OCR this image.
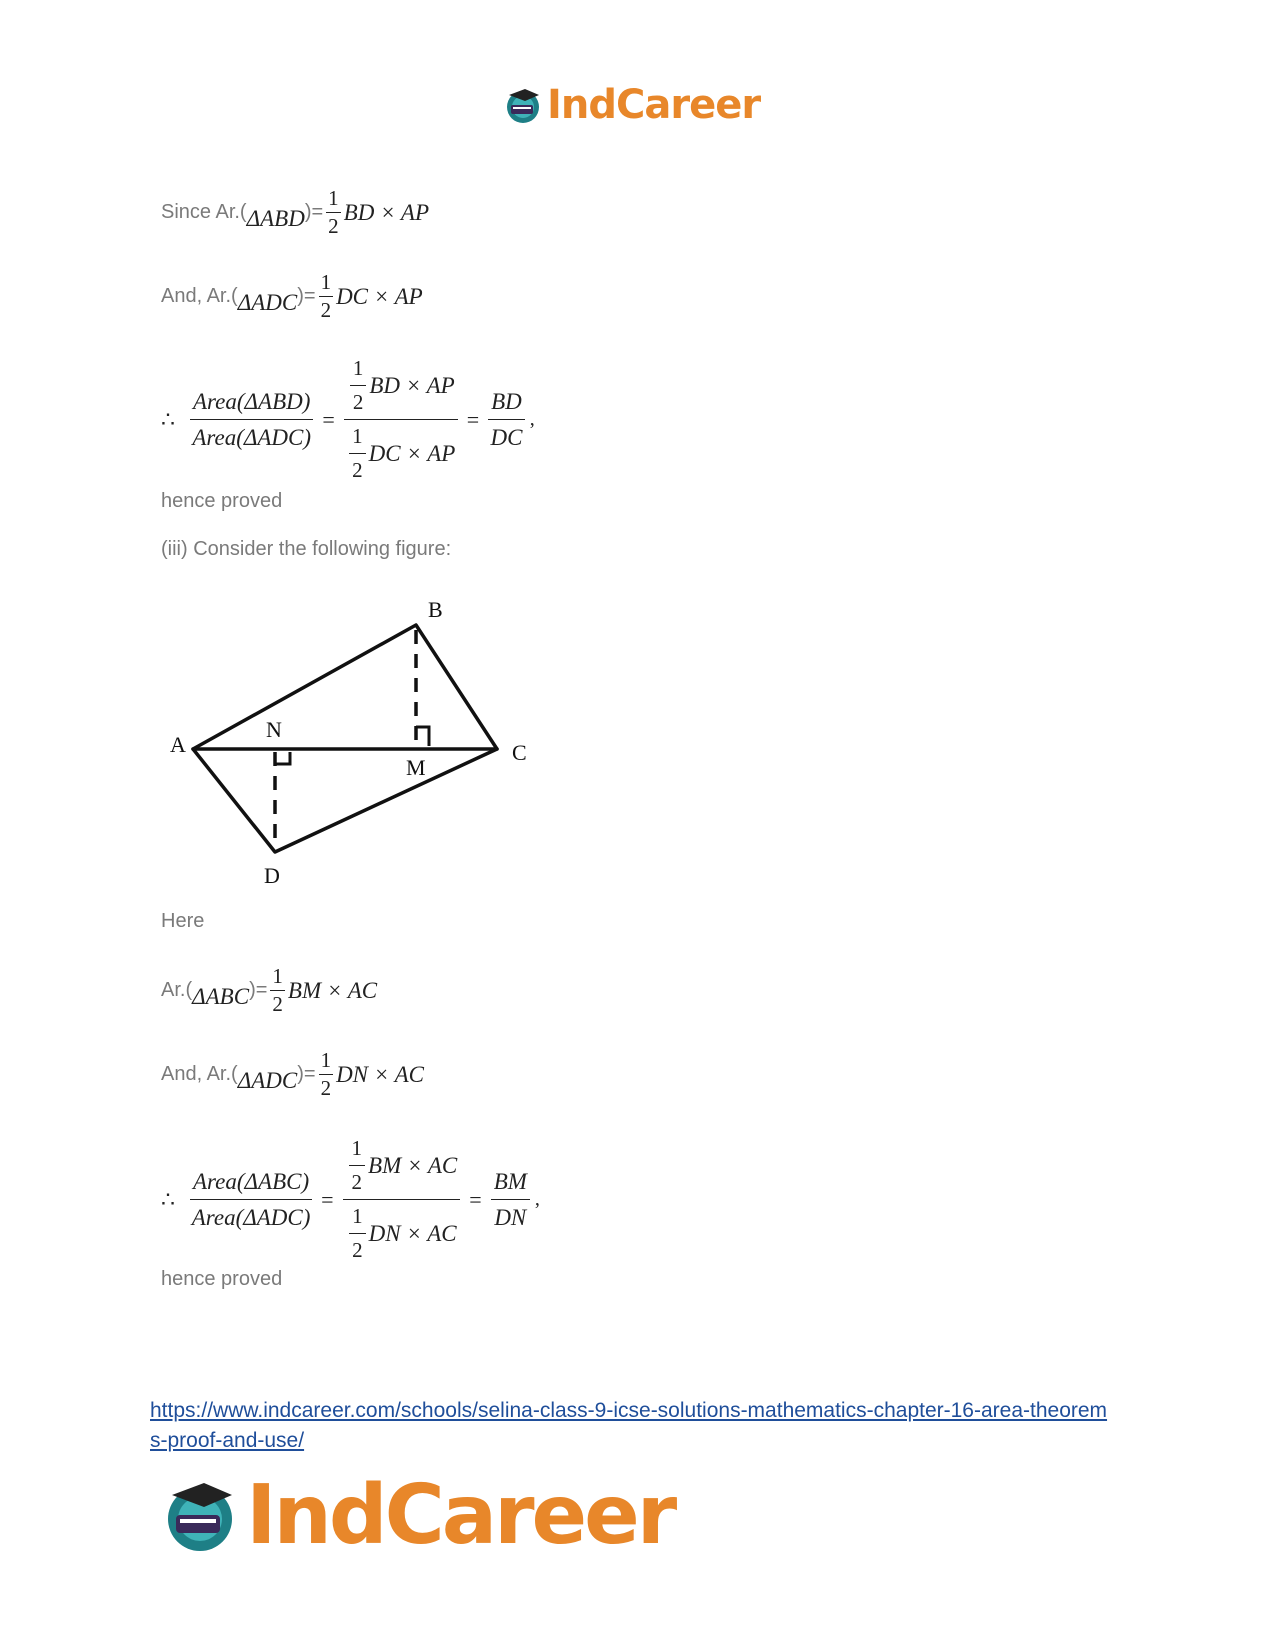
IndCareer
Since Ar.( ΔABD )= $\frac{1}{2}$ BD × AP
And, Ar.( ΔADC )= $\frac{1}{2}$ DC × AP
∴ $\frac{\text{Area(ΔABD)}}{\text{Area(ΔADC)}} = \frac{\frac{1}{2} BD \times AP}{\frac{1}{2} DC \times AP} = \frac{BD}{DC}$ ,
hence proved
(iii) Consider the following figure:
A
B
C
D
M
N
Here
Ar.( ΔABC )= $\frac{1}{2}$ BM × AC
And, Ar.( ΔADC )= $\frac{1}{2}$ DN × AC
∴ $\frac{\text{Area(ΔABC)}}{\text{Area(ΔADC)}} = \frac{\frac{1}{2} BM \times AC}{\frac{1}{2} DN \times AC} = \frac{BM}{DN}$ ,
hence proved
https://www.indcareer.com/schools/selina-class-9-icse-solutions-mathematics-chapter-16-area-theorems-proof-and-use/
IndCareer
